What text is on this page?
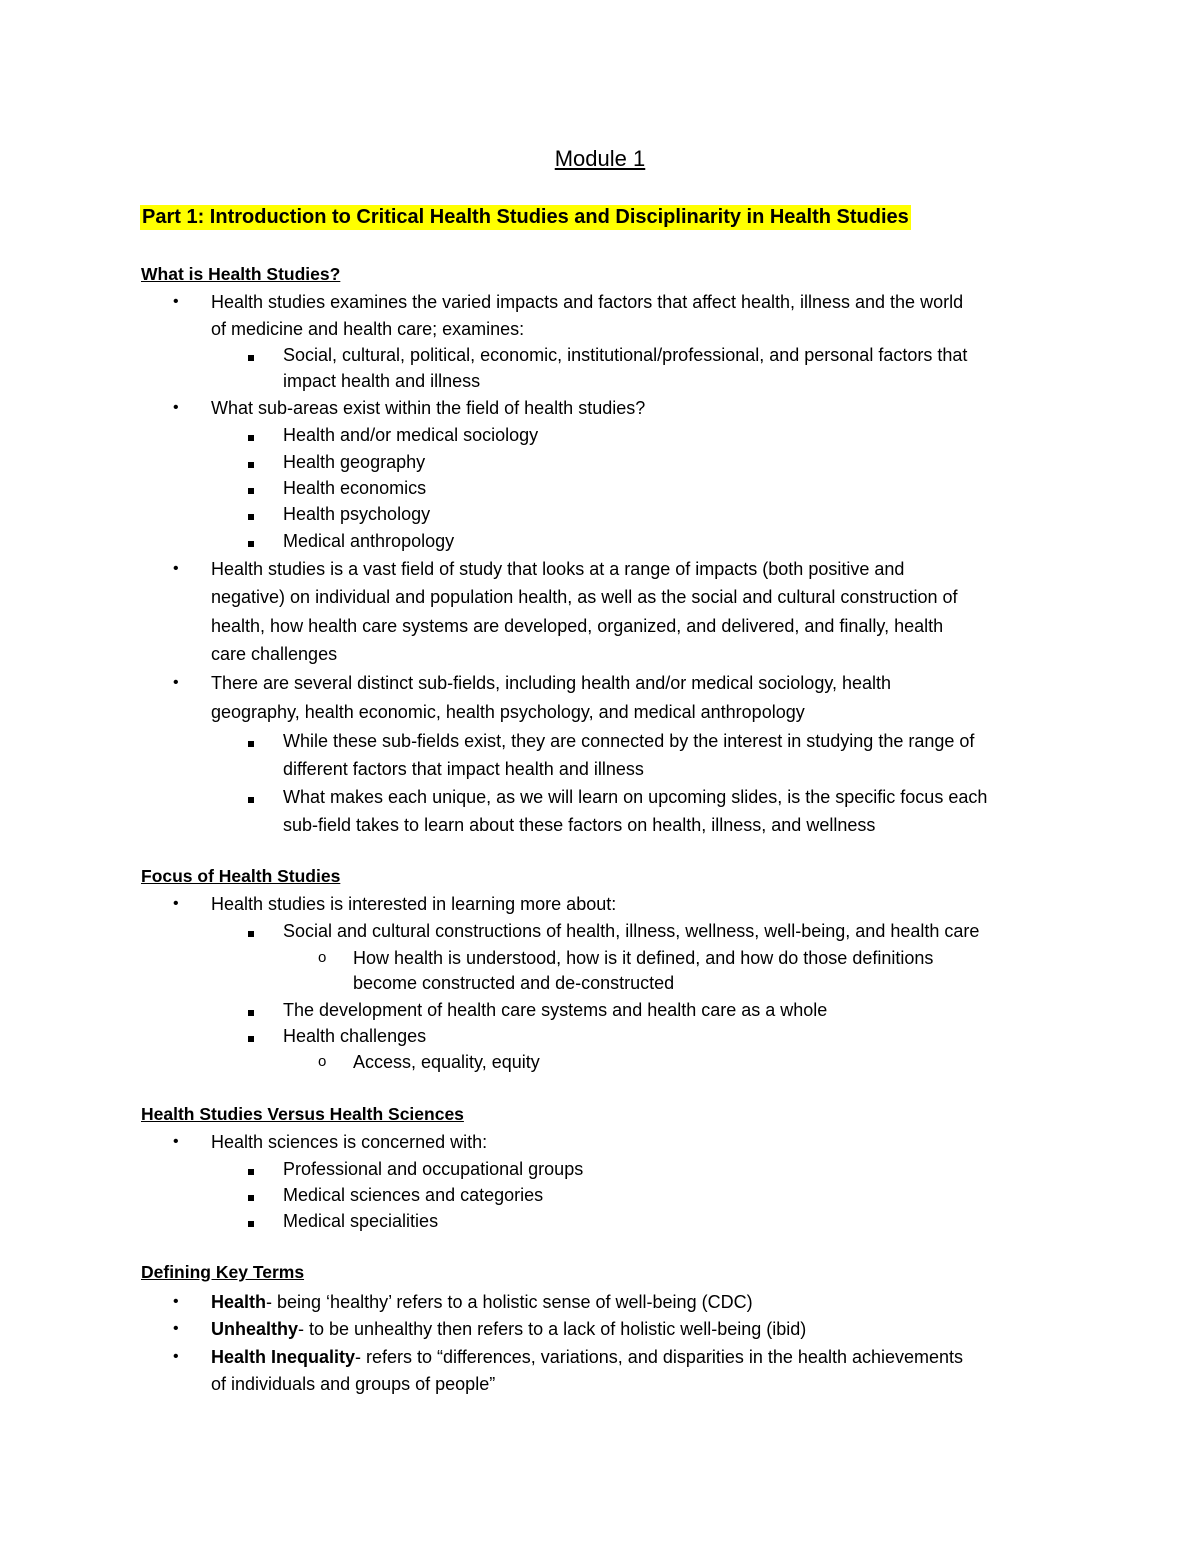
Module 1
Part 1: Introduction to Critical Health Studies and Disciplinarity in Health Studies
What is Health Studies?
• Health studies examines the varied impacts and factors that affect health, illness and the world
of medicine and health care; examines:
Social, cultural, political, economic, institutional/professional, and personal factors that
impact health and illness
• What sub-areas exist within the field of health studies?
Health and/or medical sociology
Health geography
Health economics
Health psychology
Medical anthropology
• Health studies is a vast field of study that looks at a range of impacts (both positive and
negative) on individual and population health, as well as the social and cultural construction of
health, how health care systems are developed, organized, and delivered, and finally, health
care challenges
• There are several distinct sub-fields, including health and/or medical sociology, health
geography, health economic, health psychology, and medical anthropology
While these sub-fields exist, they are connected by the interest in studying the range of
different factors that impact health and illness
What makes each unique, as we will learn on upcoming slides, is the specific focus each
sub-field takes to learn about these factors on health, illness, and wellness
Focus of Health Studies
• Health studies is interested in learning more about:
Social and cultural constructions of health, illness, wellness, well-being, and health care
o How health is understood, how is it defined, and how do those definitions
become constructed and de-constructed
The development of health care systems and health care as a whole
Health challenges
o Access, equality, equity
Health Studies Versus Health Sciences
• Health sciences is concerned with:
Professional and occupational groups
Medical sciences and categories
Medical specialities
Defining Key Terms
• Health- being ‘healthy’ refers to a holistic sense of well-being (CDC)
• Unhealthy- to be unhealthy then refers to a lack of holistic well-being (ibid)
• Health Inequality- refers to “differences, variations, and disparities in the health achievements
of individuals and groups of people”
